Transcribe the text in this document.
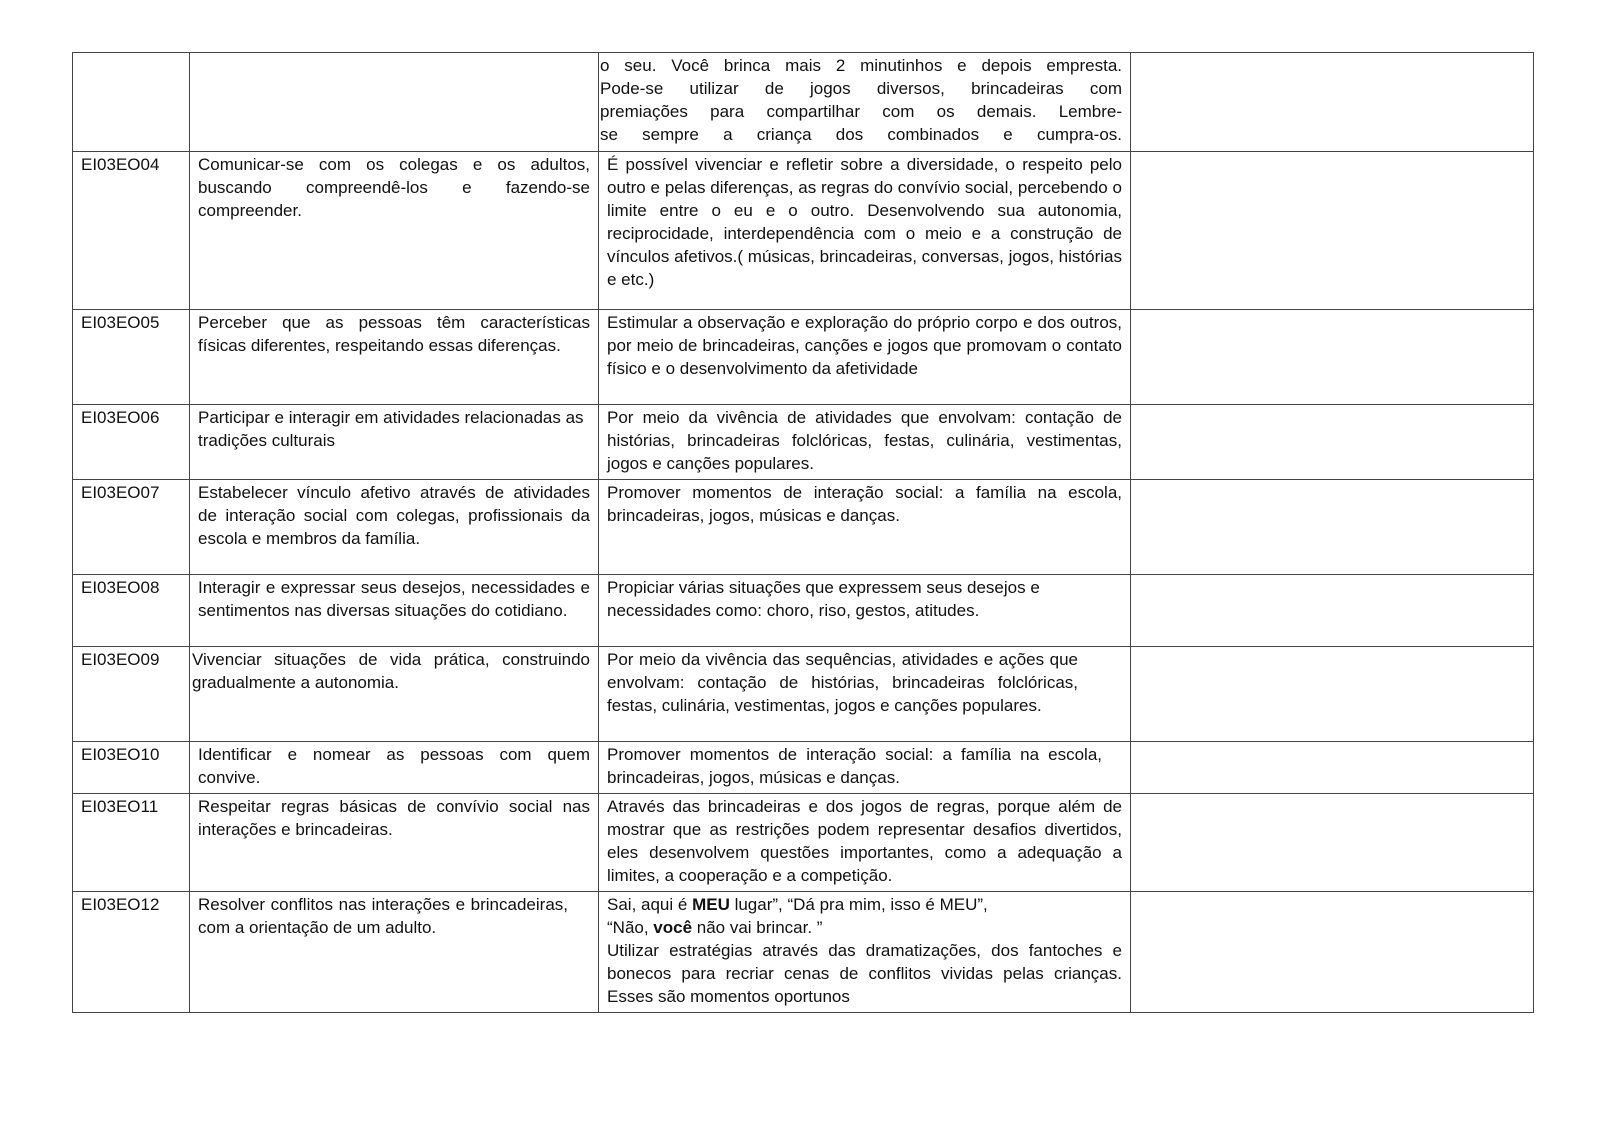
		o seu. Você brinca mais 2 minutinhos e depois empresta.
Pode-se utilizar de jogos diversos, brincadeiras com
premiações para compartilhar com os demais. Lembre-
se sempre a criança dos combinados e cumpra-os.	

EI03EO04	Comunicar-se com os colegas e os adultos, buscando compreendê-los e fazendo-se compreender.	É possível vivenciar e refletir sobre a diversidade, o respeito pelo outro e pelas diferenças, as regras do convívio social, percebendo o limite entre o eu e o outro. Desenvolvendo sua autonomia, reciprocidade, interdependência com o meio e a construção de vínculos afetivos.( músicas, brincadeiras, conversas, jogos, histórias e etc.)	
EI03EO05	Perceber que as pessoas têm características físicas diferentes, respeitando essas diferenças.	Estimular a observação e exploração do próprio corpo e dos outros, por meio de brincadeiras, canções e jogos que promovam o contato físico e o desenvolvimento da afetividade	
EI03EO06	Participar e interagir em atividades relacionadas as tradições culturais	Por meio da vivência de atividades que envolvam: contação de histórias, brincadeiras folclóricas, festas, culinária, vestimentas, jogos e canções populares.	
EI03EO07	Estabelecer vínculo afetivo através de atividades de interação social com colegas, profissionais da escola e membros da família.	Promover momentos de interação social: a família na escola, brincadeiras, jogos, músicas e danças.	
EI03EO08	Interagir e expressar seus desejos, necessidades e sentimentos nas diversas situações do cotidiano.	Propiciar várias situações que expressem seus desejos e necessidades como: choro, riso, gestos, atitudes.	
EI03EO09	Vivenciar situações de vida prática, construindo gradualmente a autonomia.	Por meio da vivência das sequências, atividades e ações que envolvam: contação de histórias, brincadeiras folclóricas, festas, culinária, vestimentas, jogos e canções populares.	
EI03EO10	Identificar e nomear as pessoas com quem convive.	Promover momentos de interação social: a família na escola, brincadeiras, jogos, músicas e danças.	
EI03EO11	Respeitar regras básicas de convívio social nas interações e brincadeiras.	Através das brincadeiras e dos jogos de regras, porque além de mostrar que as restrições podem representar desafios divertidos, eles desenvolvem questões importantes, como a adequação a limites, a cooperação e a competição.	
EI03EO12	Resolver conflitos nas interações e brincadeiras, com a orientação de um adulto.	Sai, aqui é MEU lugar”, “Dá pra mim, isso é MEU”,
“Não, você não vai brincar. ”
Utilizar estratégias através das dramatizações, dos fantoches e bonecos para recriar cenas de conflitos vividas pelas crianças. Esses são momentos oportunos	
